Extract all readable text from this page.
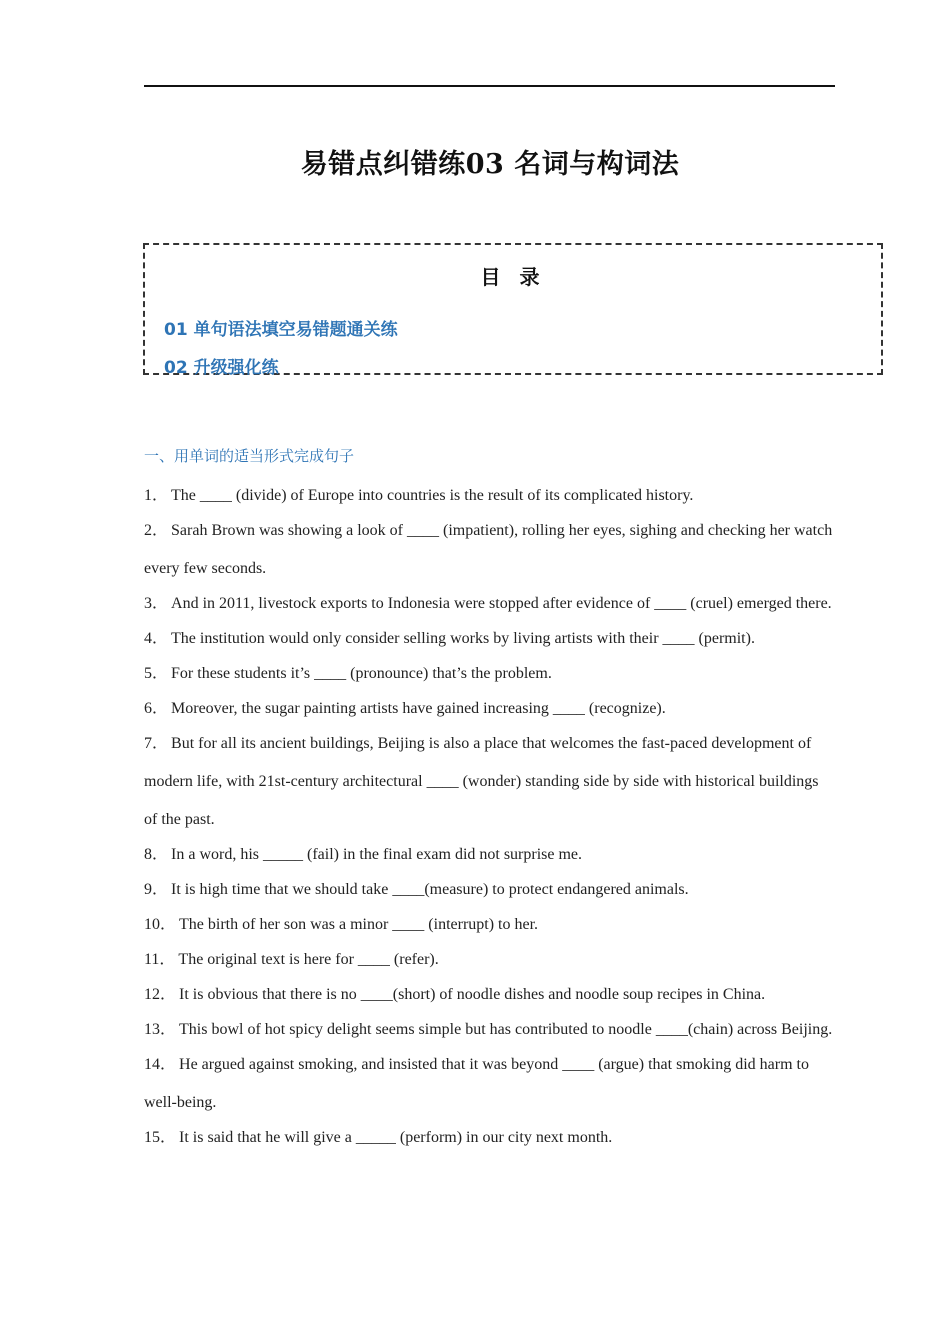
易错点纠错练03 名词与构词法
目 录
01 单句语法填空易错题通关练
02 升级强化练
一、用单词的适当形式完成句子

1． The ____ (divide) of Europe into countries is the result of its complicated history.

2． Sarah Brown was showing a look of ____ (impatient), rolling her eyes, sighing and checking her watch every few seconds.

3． And in 2011, livestock exports to Indonesia were stopped after evidence of ____ (cruel) emerged there.

4． The institution would only consider selling works by living artists with their ____ (permit).

5． For these students it’s ____ (pronounce) that’s the problem.

6． Moreover, the sugar painting artists have gained increasing ____ (recognize).

7． But for all its ancient buildings, Beijing is also a place that welcomes the fast-paced development of modern life, with 21st-century architectural ____ (wonder) standing side by side with historical buildings of the past.

8． In a word, his _____ (fail) in the final exam did not surprise me.

9． It is high time that we should take ____(measure) to protect endangered animals.

10． The birth of her son was a minor ____ (interrupt) to her.

11． The original text is here for ____ (refer).

12． It is obvious that there is no ____(short) of noodle dishes and noodle soup recipes in China.

13． This bowl of hot spicy delight seems simple but has contributed to noodle ____(chain) across Beijing.

14． He argued against smoking, and insisted that it was beyond ____ (argue) that smoking did harm to well-being.

15． It is said that he will give a _____ (perform) in our city next month.
